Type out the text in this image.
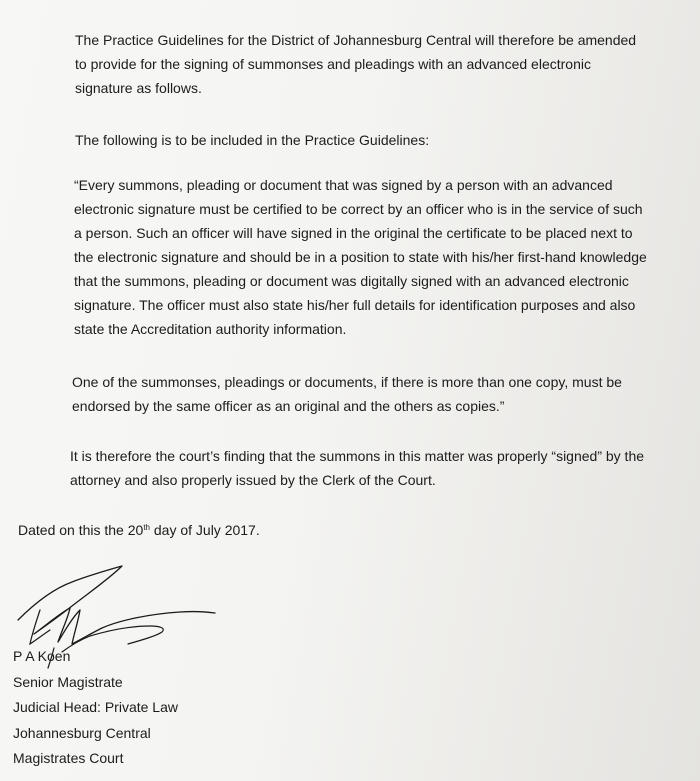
The Practice Guidelines for the District of Johannesburg Central will therefore be amended
to provide for the signing of summonses and pleadings with an advanced electronic
signature as follows.

The following is to be included in the Practice Guidelines:

“Every summons, pleading or document that was signed by a person with an advanced
electronic signature must be certified to be correct by an officer who is in the service of such
a person. Such an officer will have signed in the original the certificate to be placed next to
the electronic signature and should be in a position to state with his/her first-hand knowledge
that the summons, pleading or document was digitally signed with an advanced electronic
signature. The officer must also state his/her full details for identification purposes and also
state the Accreditation authority information.

One of the summonses, pleadings or documents, if there is more than one copy, must be
endorsed by the same officer as an original and the others as copies.”

It is therefore the court’s finding that the summons in this matter was properly “signed” by the
attorney and also properly issued by the Clerk of the Court.

Dated on this the 20th day of July 2017.

P A Koen
Senior Magistrate
Judicial Head: Private Law
Johannesburg Central
Magistrates Court
